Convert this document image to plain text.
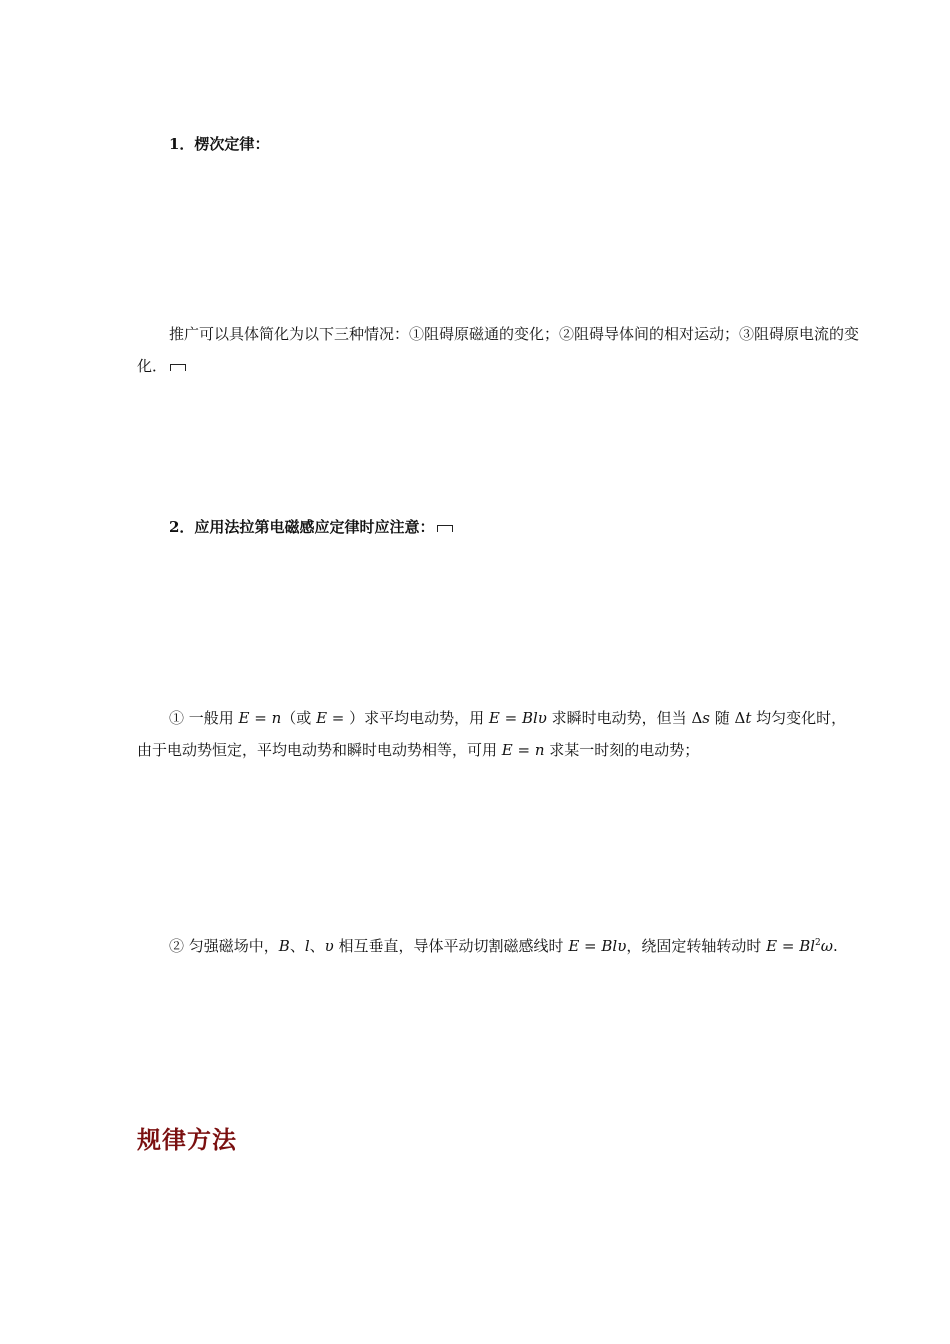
1．楞次定律：
推广可以具体简化为以下三种情况：①阻碍原磁通的变化；②阻碍导体间的相对运动；③阻碍原电流的变化．
2．应用法拉第电磁感应定律时应注意：
① 一般用 E = n（或 E = ）求平均电动势，用 E = Blυ 求瞬时电动势，但当 Δs 随 Δt 均匀变化时，由于电动势恒定，平均电动势和瞬时电动势相等，可用 E = n 求某一时刻的电动势；
② 匀强磁场中，B、l、υ 相互垂直，导体平动切割磁感线时 E = Blυ，绕固定转轴转动时 $E = Bl^2\omega$.
规律方法
